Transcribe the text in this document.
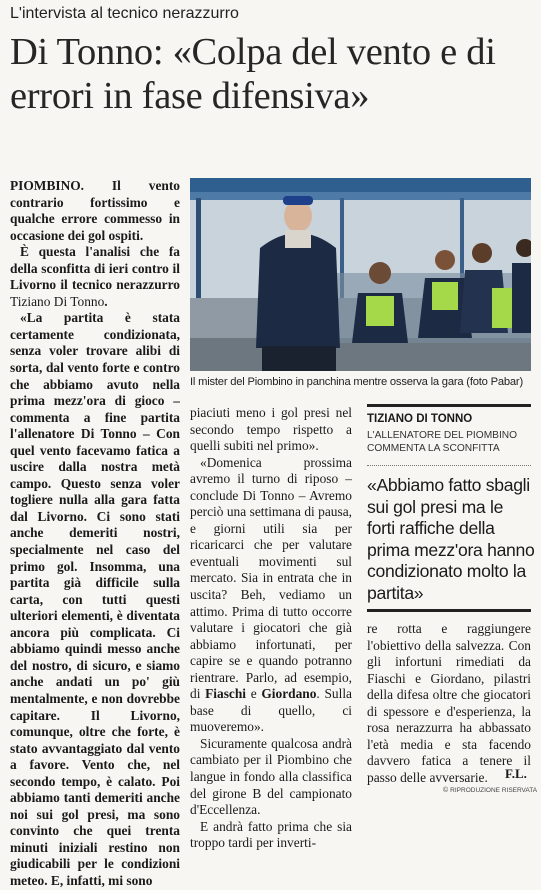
L'intervista al tecnico nerazzurro
Di Tonno: «Colpa del vento e di errori in fase difensiva»

PIOMBINO. Il vento contrario fortissimo e qualche errore commesso in occasione dei gol ospiti.

È questa l'analisi che fa della sconfitta di ieri contro il Livorno il tecnico nerazzurro Tiziano Di Tonno.

«La partita è stata certamente condizionata, senza voler trovare alibi di sorta, dal vento forte e contro che abbiamo avuto nella prima mezz'ora di gioco – commenta a fine partita l'allenatore Di Tonno – Con quel vento facevamo fatica a uscire dalla nostra metà campo. Questo senza voler togliere nulla alla gara fatta dal Livorno. Ci sono stati anche demeriti nostri, specialmente nel caso del primo gol. Insomma, una partita già difficile sulla carta, con tutti questi ulteriori elementi, è diventata ancora più complicata. Ci abbiamo quindi messo anche del nostro, di sicuro, e siamo anche andati un po' giù mentalmente, e non dovrebbe capitare. Il Livorno, comunque, oltre che forte, è stato avvantaggiato dal vento a favore. Vento che, nel secondo tempo, è calato. Poi abbiamo tanti demeriti anche noi sui gol presi, ma sono convinto che quei trenta minuti iniziali restino non giudicabili per le condizioni meteo. E, infatti, mi sono

Il mister del Piombino in panchina mentre osserva la gara (foto Pabar)

piaciuti meno i gol presi nel secondo tempo rispetto a quelli subiti nel primo».

«Domenica prossima avremo il turno di riposo – conclude Di Tonno – Avremo perciò una settimana di pausa, e giorni utili sia per ricaricarci che per valutare eventuali movimenti sul mercato. Sia in entrata che in uscita? Beh, vediamo un attimo. Prima di tutto occorre valutare i giocatori che già abbiamo infortunati, per capire se e quando potranno rientrare. Parlo, ad esempio, di Fiaschi e Giordano. Sulla base di quello, ci muoveremo».

Sicuramente qualcosa andrà cambiato per il Piombino che langue in fondo alla classifica del girone B del campionato d'Eccellenza.

E andrà fatto prima che sia troppo tardi per inverti-

TIZIANO DI TONNO
L'ALLENATORE DEL PIOMBINO COMMENTA LA SCONFITTA
«Abbiamo fatto sbagli sui gol presi ma le forti raffiche della prima mezz'ora hanno condizionato molto la partita»

re rotta e raggiungere l'obiettivo della salvezza. Con gli infortuni rimediati da Fiaschi e Giordano, pilastri della difesa oltre che giocatori di spessore e d'esperienza, la rosa nerazzurra ha abbassato l'età media e sta facendo davvero fatica a tenere il passo delle avversarie.	F.L.
© RIPRODUZIONE RISERVATA
